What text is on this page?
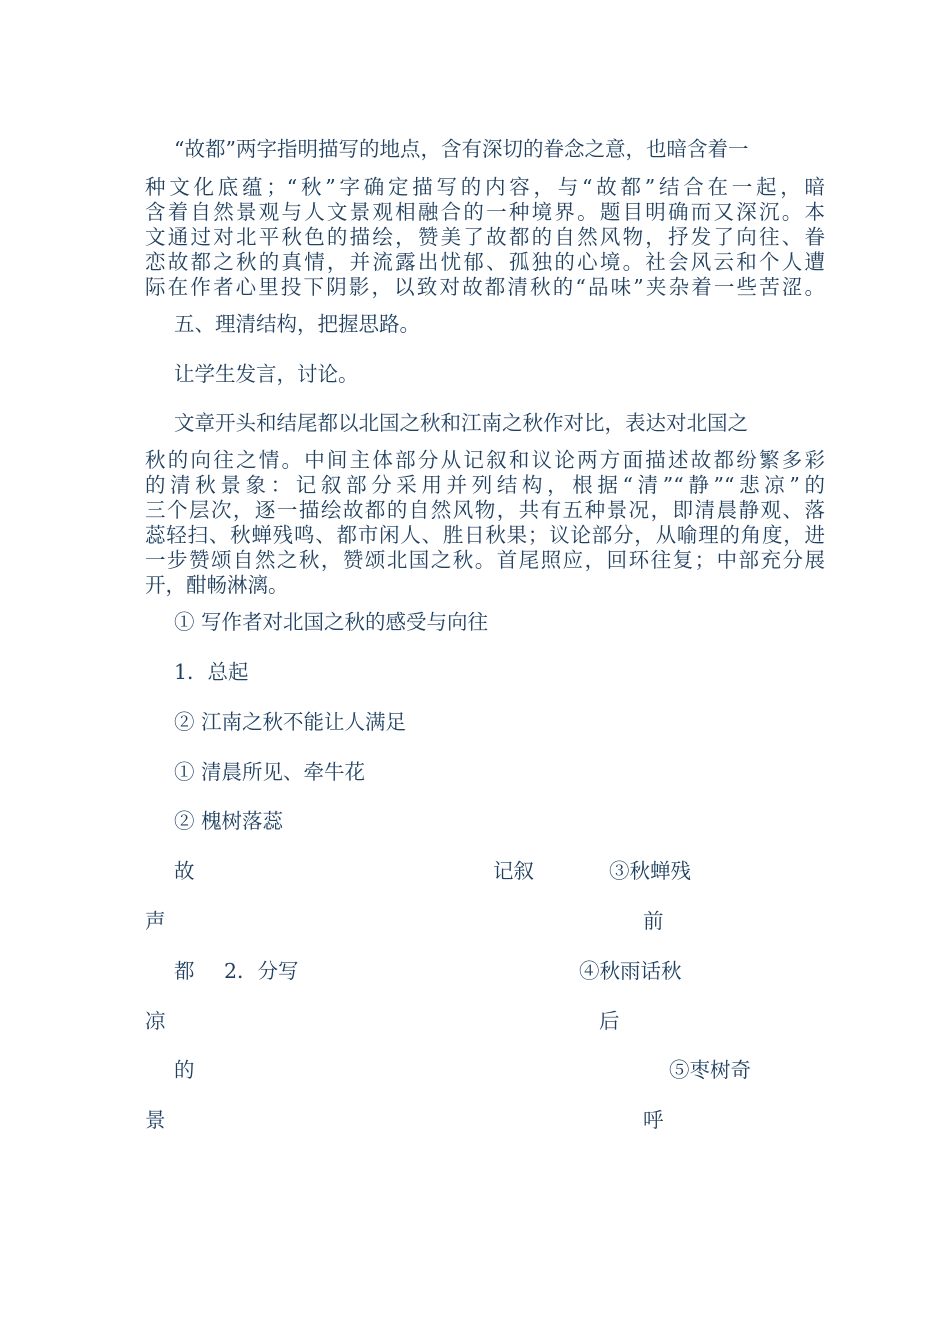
“故都”两字指明描写的地点，含有深切的眷念之意，也暗含着一
种文化底蕴；“秋”字确定描写的内容，与“故都”结合在一起，暗
含着自然景观与人文景观相融合的一种境界。题目明确而又深沉。本
文通过对北平秋色的描绘，赞美了故都的自然风物，抒发了向往、眷
恋故都之秋的真情，并流露出忧郁、孤独的心境。社会风云和个人遭
际在作者心里投下阴影，以致对故都清秋的“品味”夹杂着一些苦涩。
五、理清结构，把握思路。
让学生发言，讨论。
文章开头和结尾都以北国之秋和江南之秋作对比，表达对北国之
秋的向往之情。中间主体部分从记叙和议论两方面描述故都纷繁多彩
的清秋景象：记叙部分采用并列结构，根据“清”“静”“悲凉”的
三个层次，逐一描绘故都的自然风物，共有五种景况，即清晨静观、落
蕊轻扫、秋蝉残鸣、都市闲人、胜日秋果；议论部分，从喻理的角度，进
一步赞颂自然之秋，赞颂北国之秋。首尾照应，回环往复；中部充分展
开，酣畅淋漓。
① 写作者对北国之秋的感受与向往
1．总起
② 江南之秋不能让人满足
① 清晨所见、牵牛花
② 槐树落蕊
故	记叙	③秋蝉残
声	前
都 2．分写	④秋雨话秋
凉	后
的	⑤枣树奇
景	呼
